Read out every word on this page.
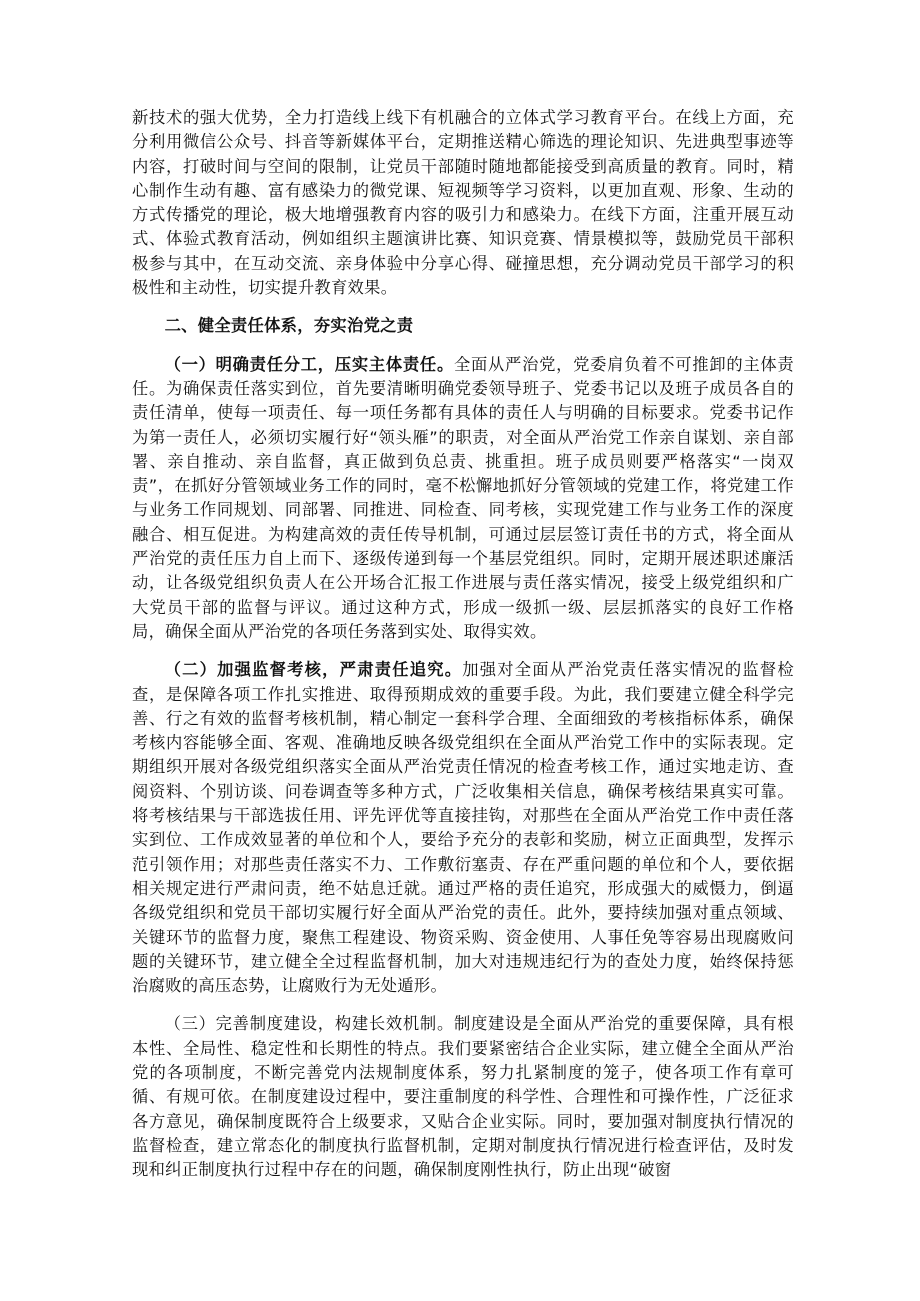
新技术的强大优势，全力打造线上线下有机融合的立体式学习教育平台。在线上方面，充分利用微信公众号、抖音等新媒体平台，定期推送精心筛选的理论知识、先进典型事迹等内容，打破时间与空间的限制，让党员干部随时随地都能接受到高质量的教育。同时，精心制作生动有趣、富有感染力的微党课、短视频等学习资料，以更加直观、形象、生动的方式传播党的理论，极大地增强教育内容的吸引力和感染力。在线下方面，注重开展互动式、体验式教育活动，例如组织主题演讲比赛、知识竞赛、情景模拟等，鼓励党员干部积极参与其中，在互动交流、亲身体验中分享心得、碰撞思想，充分调动党员干部学习的积极性和主动性，切实提升教育效果。

二、健全责任体系，夯实治党之责

（一）明确责任分工，压实主体责任。全面从严治党，党委肩负着不可推卸的主体责任。为确保责任落实到位，首先要清晰明确党委领导班子、党委书记以及班子成员各自的责任清单，使每一项责任、每一项任务都有具体的责任人与明确的目标要求。党委书记作为第一责任人，必须切实履行好“领头雁”的职责，对全面从严治党工作亲自谋划、亲自部署、亲自推动、亲自监督，真正做到负总责、挑重担。班子成员则要严格落实“一岗双责”，在抓好分管领域业务工作的同时，毫不松懈地抓好分管领域的党建工作，将党建工作与业务工作同规划、同部署、同推进、同检查、同考核，实现党建工作与业务工作的深度融合、相互促进。为构建高效的责任传导机制，可通过层层签订责任书的方式，将全面从严治党的责任压力自上而下、逐级传递到每一个基层党组织。同时，定期开展述职述廉活动，让各级党组织负责人在公开场合汇报工作进展与责任落实情况，接受上级党组织和广大党员干部的监督与评议。通过这种方式，形成一级抓一级、层层抓落实的良好工作格局，确保全面从严治党的各项任务落到实处、取得实效。

（二）加强监督考核，严肃责任追究。加强对全面从严治党责任落实情况的监督检查，是保障各项工作扎实推进、取得预期成效的重要手段。为此，我们要建立健全科学完善、行之有效的监督考核机制，精心制定一套科学合理、全面细致的考核指标体系，确保考核内容能够全面、客观、准确地反映各级党组织在全面从严治党工作中的实际表现。定期组织开展对各级党组织落实全面从严治党责任情况的检查考核工作，通过实地走访、查阅资料、个别访谈、问卷调查等多种方式，广泛收集相关信息，确保考核结果真实可靠。将考核结果与干部选拔任用、评先评优等直接挂钩，对那些在全面从严治党工作中责任落实到位、工作成效显著的单位和个人，要给予充分的表彰和奖励，树立正面典型，发挥示范引领作用；对那些责任落实不力、工作敷衍塞责、存在严重问题的单位和个人，要依据相关规定进行严肃问责，绝不姑息迁就。通过严格的责任追究，形成强大的威慑力，倒逼各级党组织和党员干部切实履行好全面从严治党的责任。此外，要持续加强对重点领域、关键环节的监督力度，聚焦工程建设、物资采购、资金使用、人事任免等容易出现腐败问题的关键环节，建立健全全过程监督机制，加大对违规违纪行为的查处力度，始终保持惩治腐败的高压态势，让腐败行为无处遁形。

（三）完善制度建设，构建长效机制。制度建设是全面从严治党的重要保障，具有根本性、全局性、稳定性和长期性的特点。我们要紧密结合企业实际，建立健全全面从严治党的各项制度，不断完善党内法规制度体系，努力扎紧制度的笼子，使各项工作有章可循、有规可依。在制度建设过程中，要注重制度的科学性、合理性和可操作性，广泛征求各方意见，确保制度既符合上级要求，又贴合企业实际。同时，要加强对制度执行情况的监督检查，建立常态化的制度执行监督机制，定期对制度执行情况进行检查评估，及时发现和纠正制度执行过程中存在的问题，确保制度刚性执行，防止出现“破窗
